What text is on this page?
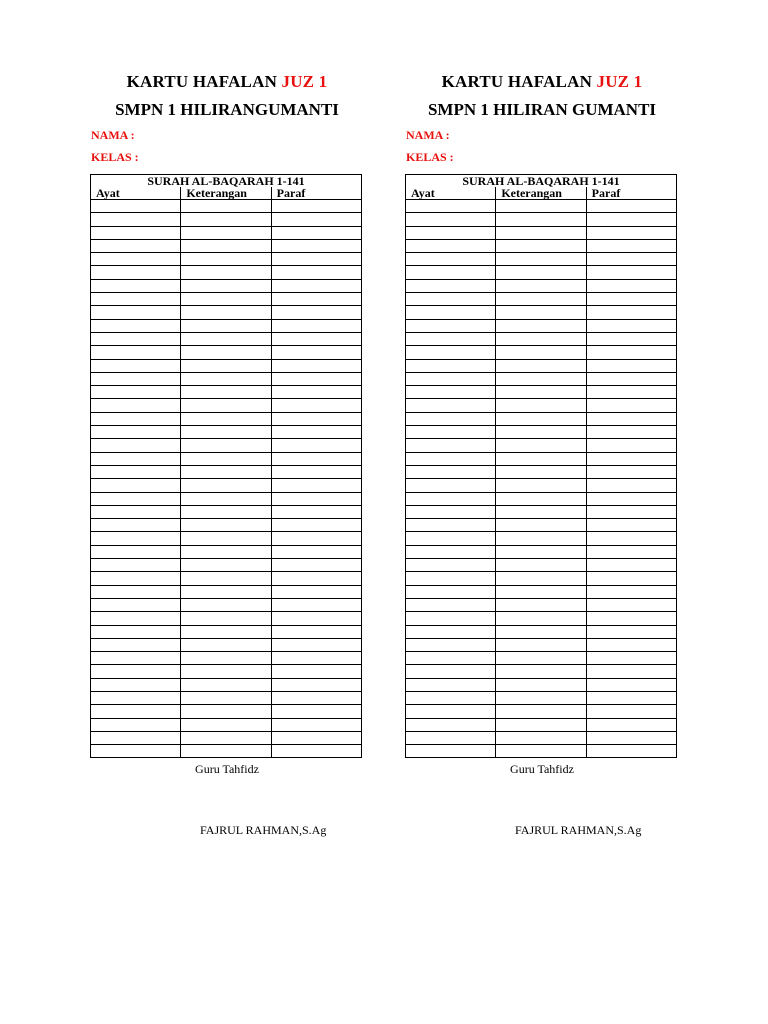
KARTU HAFALAN JUZ 1
SMPN 1 HILIRANGUMANTI
NAMA :
KELAS :
SURAH AL-BAQARAH 1-141		
Ayat	Keterangan	Paraf

Guru Tahfidz
FAJRUL RAHMAN,S.Ag
KARTU HAFALAN JUZ 1
SMPN 1 HILIRAN GUMANTI
NAMA :
KELAS :
SURAH AL-BAQARAH 1-141		
Ayat	Keterangan	Paraf

Guru Tahfidz
FAJRUL RAHMAN,S.Ag
